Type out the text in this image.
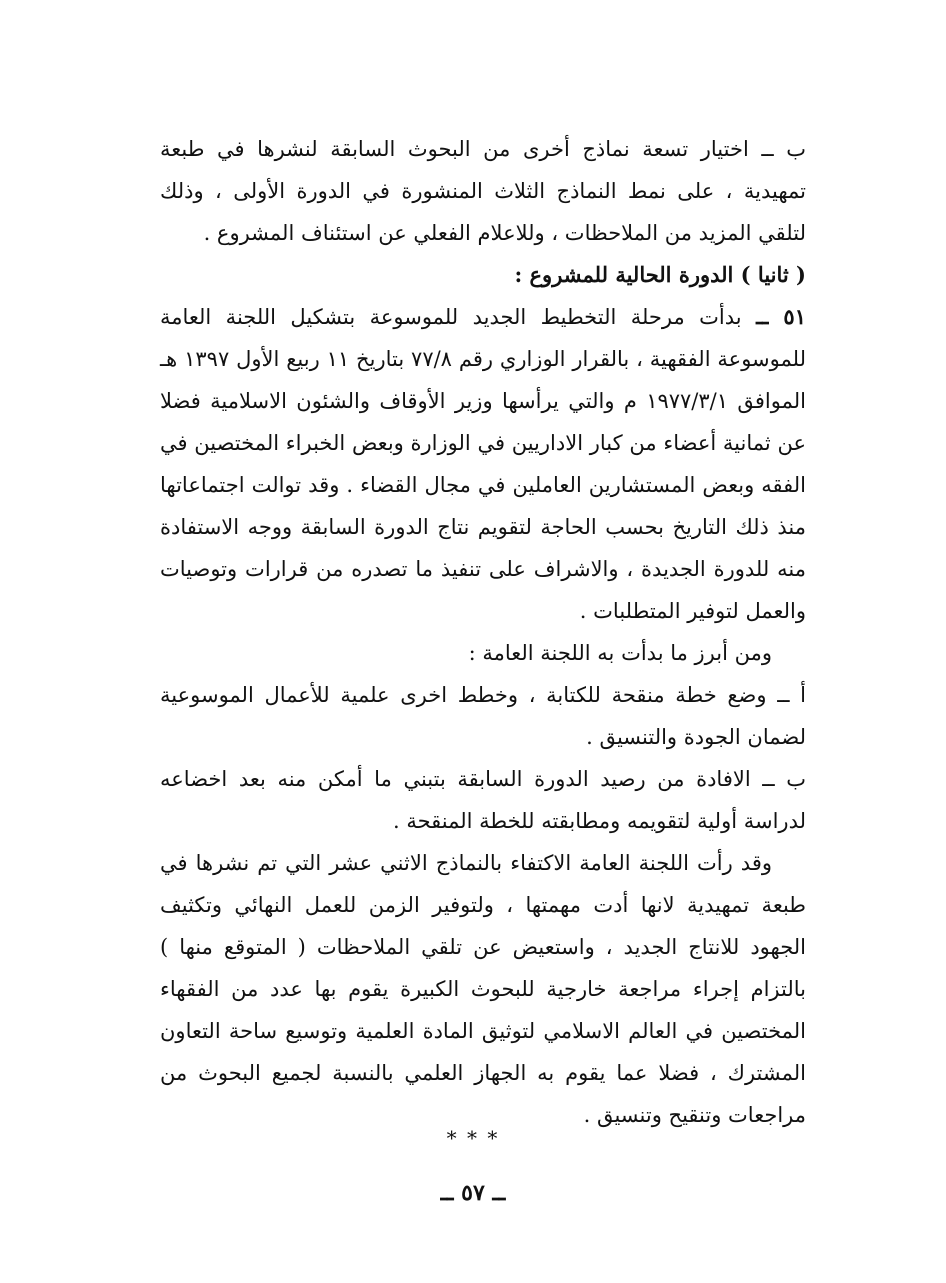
ب ــ اختيار تسعة نماذج أخرى من البحوث السابقة لنشرها في طبعة تمهيدية ، على نمط النماذج الثلاث المنشورة في الدورة الأولى ، وذلك لتلقي المزيد من الملاحظات ، وللاعلام الفعلي عن استئناف المشروع .

( ثانيا ) الدورة الحالية للمشروع :

٥١ ــ بدأت مرحلة التخطيط الجديد للموسوعة بتشكيل اللجنة العامة للموسوعة الفقهية ، بالقرار الوزاري رقم ٧٧/٨ بتاريخ ١١ ربيع الأول ١٣٩٧ هـ الموافق ١٩٧٧/٣/١ م والتي يرأسها وزير الأوقاف والشئون الاسلامية فضلا عن ثمانية أعضاء من كبار الاداريين في الوزارة وبعض الخبراء المختصين في الفقه وبعض المستشارين العاملين في مجال القضاء . وقد توالت اجتماعاتها منذ ذلك التاريخ بحسب الحاجة لتقويم نتاج الدورة السابقة ووجه الاستفادة منه للدورة الجديدة ، والاشراف على تنفيذ ما تصدره من قرارات وتوصيات والعمل لتوفير المتطلبات .

ومن أبرز ما بدأت به اللجنة العامة :

أ ــ وضع خطة منقحة للكتابة ، وخطط اخرى علمية للأعمال الموسوعية لضمان الجودة والتنسيق .

ب ــ الافادة من رصيد الدورة السابقة بتبني ما أمكن منه بعد اخضاعه لدراسة أولية لتقويمه ومطابقته للخطة المنقحة .

وقد رأت اللجنة العامة الاكتفاء بالنماذج الاثني عشر التي تم نشرها في طبعة تمهيدية لانها أدت مهمتها ، ولتوفير الزمن للعمل النهائي وتكثيف الجهود للانتاج الجديد ، واستعيض عن تلقي الملاحظات ( المتوقع منها ) بالتزام إجراء مراجعة خارجية للبحوث الكبيرة يقوم بها عدد من الفقهاء المختصين في العالم الاسلامي لتوثيق المادة العلمية وتوسيع ساحة التعاون المشترك ، فضلا عما يقوم به الجهاز العلمي بالنسبة لجميع البحوث من مراجعات وتنقيح وتنسيق .

* * *
ــ ٥٧ ــ
